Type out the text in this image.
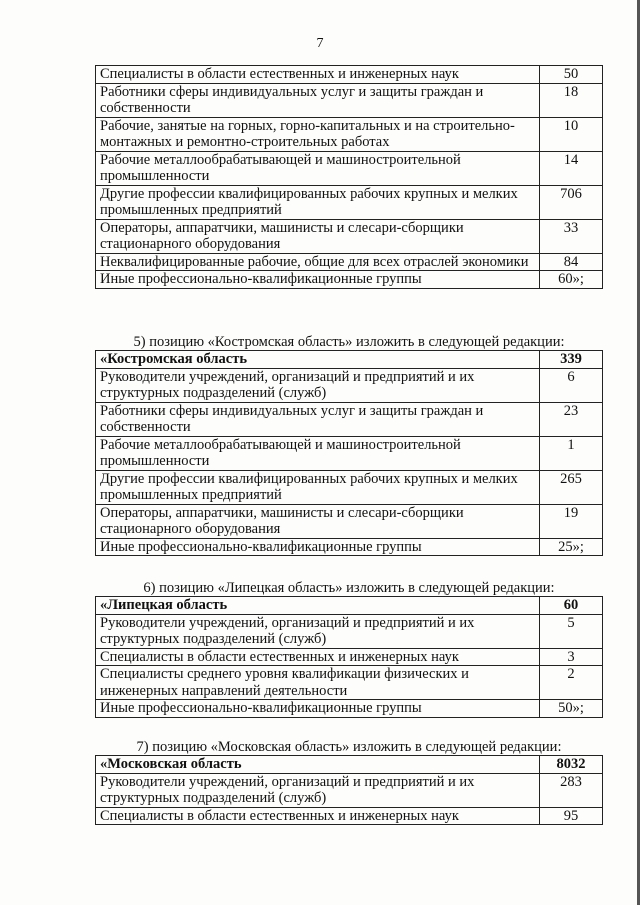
7
Специалисты в области естественных и инженерных наук	50
Работники сферы индивидуальных услуг и защиты граждан и собственности	18
Рабочие, занятые на горных, горно-капитальных и на строительно-монтажных и ремонтно-строительных работах	10
Рабочие металлообрабатывающей и машиностроительной промышленности	14
Другие профессии квалифицированных рабочих крупных и мелких промышленных предприятий	706
Операторы, аппаратчики, машинисты и слесари-сборщики стационарного оборудования	33
Неквалифицированные рабочие, общие для всех отраслей экономики	84
Иные профессионально-квалификационные группы	60»;
5) позицию «Костромская область» изложить в следующей редакции:
«Костромская область	339
Руководители учреждений, организаций и предприятий и их структурных подразделений (служб)	6
Работники сферы индивидуальных услуг и защиты граждан и собственности	23
Рабочие металлообрабатывающей и машиностроительной промышленности	1
Другие профессии квалифицированных рабочих крупных и мелких промышленных предприятий	265
Операторы, аппаратчики, машинисты и слесари-сборщики стационарного оборудования	19
Иные профессионально-квалификационные группы	25»;
6) позицию «Липецкая область» изложить в следующей редакции:
«Липецкая область	60
Руководители учреждений, организаций и предприятий и их структурных подразделений (служб)	5
Специалисты в области естественных и инженерных наук	3
Специалисты среднего уровня квалификации физических и инженерных направлений деятельности	2
Иные профессионально-квалификационные группы	50»;
7) позицию «Московская область» изложить в следующей редакции:
«Московская область	8032
Руководители учреждений, организаций и предприятий и их структурных подразделений (служб)	283
Специалисты в области естественных и инженерных наук	95
